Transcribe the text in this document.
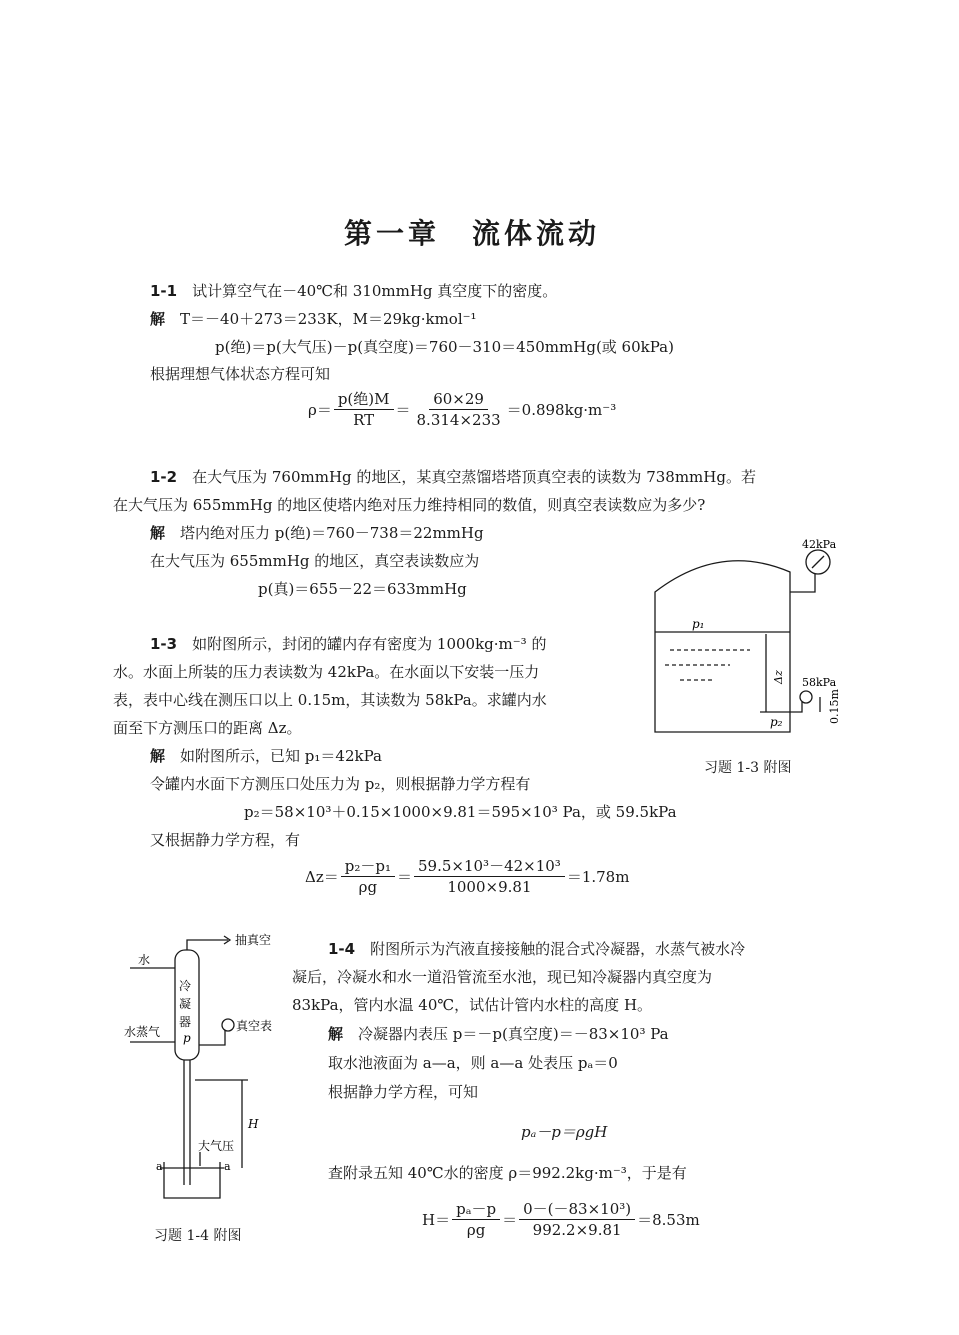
第一章　流体流动
1-1　 试计算空气在－40℃和 310mmHg 真空度下的密度。
解　 T＝－40＋273＝233K，M＝29kg·kmol⁻¹
p(绝)＝p(大气压)－p(真空度)＝760－310＝450mmHg(或 60kPa)
根据理想气体状态方程可知
$\rho= \frac{\text{p(绝)M}}{RT} = \frac{60\times 29}{8.314\times 233} =0.898kg\cdot m^{-3}$
1-2　 在大气压为 760mmHg 的地区，某真空蒸馏塔塔顶真空表的读数为 738mmHg。若
在大气压为 655mmHg 的地区使塔内绝对压力维持相同的数值，则真空表读数应为多少?
解　 塔内绝对压力 p(绝)＝760－738＝22mmHg
在大气压为 655mmHg 的地区，真空表读数应为
p(真)＝655－22＝633mmHg
1-3　 如附图所示，封闭的罐内存有密度为 1000kg·m⁻³ 的
水。水面上所装的压力表读数为 42kPa。在水面以下安装一压力
表，表中心线在测压口以上 0.15m，其读数为 58kPa。求罐内水
面至下方测压口的距离 Δz。
解　 如附图所示，已知 p₁＝42kPa
令罐内水面下方测压口处压力为 p₂，则根据静力学方程有
p₂＝58×10³＋0.15×1000×9.81＝595×10³ Pa，或 59.5kPa
又根据静力学方程，有
$\Delta z= \frac{\text{p₂－p₁}}{\rho g} = \frac{\text{59.5×10³－42×10³}}{1000\times 9.81} =1.78m$
42kPa
58kPa
p₁
p₂
Δz
0.15m
习题 1-3 附图
1-4　 附图所示为汽液直接接触的混合式冷凝器，水蒸气被水冷
凝后，冷凝水和水一道沿管流至水池，现已知冷凝器内真空度为
83kPa，管内水温 40℃，试估计管内水柱的高度 H。
解　 冷凝器内表压 p＝－p(真空度)＝－83×10³ Pa
取水池液面为 a—a，则 a—a 处表压 pₐ＝0
根据静力学方程，可知
pₐ－p＝ρgH
查附录五知 40℃水的密度 ρ＝992.2kg·m⁻³，于是有
$H= \frac{\text{pₐ－p}}{\rho g} = \frac{\text{0－(－83×10³)}}{992.2\times 9.81} =8.53m$
抽真空
水
水蒸气
冷
凝
器
p
真空表
H
大气压
a	a
习题 1-4 附图
